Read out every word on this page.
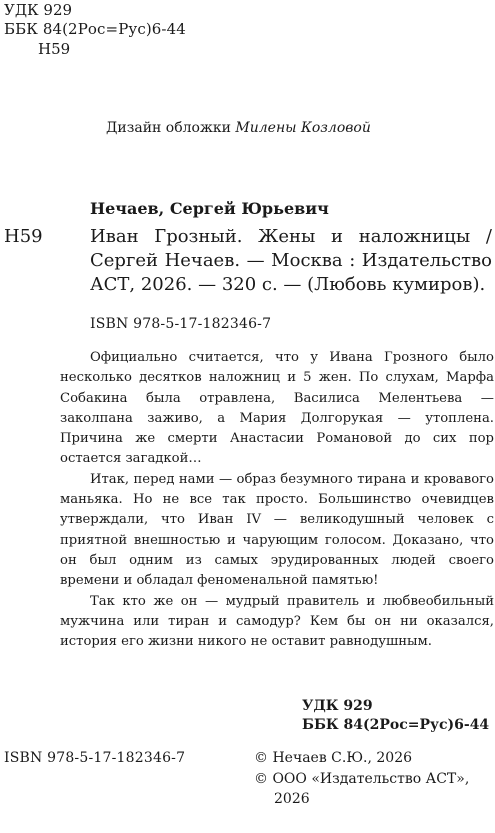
УДК 929
ББК 84(2Рос=Рус)6-44
Н59
Дизайн обложки Милены Козловой
Нечаев, Сергей Юрьевич
Н59	Иван Грозный. Жены и наложницы /
Сергей Нечаев. — Москва : Издательство
АСТ, 2026. — 320 с. — (Любовь кумиров).
ISBN 978-5-17-182346-7

Официально считается, что у Ивана Грозного было несколько десятков наложниц и 5 жен. По слухам, Марфа Собакина была отравлена, Василиса Мелентьева — заколпана заживо, а Мария Долгорукая — утоплена. Причина же смерти Анастасии Романовой до сих пор остается загадкой…

Итак, перед нами — образ безумного тирана и кровавого маньяка. Но не все так просто. Большинство очевидцев утверждали, что Иван IV — великодушный человек с приятной внешностью и чарующим голосом. Доказано, что он был одним из самых эрудированных людей своего времени и обладал феноменальной памятью!

Так кто же он — мудрый правитель и любвеобильный мужчина или тиран и самодур? Кем бы он ни оказался, история его жизни никого не оставит равнодушным.

УДК 929
ББК 84(2Рос=Рус)6-44
ISBN 978-5-17-182346-7	© Нечаев С.Ю., 2026
© ООО «Издательство АСТ»,
2026
